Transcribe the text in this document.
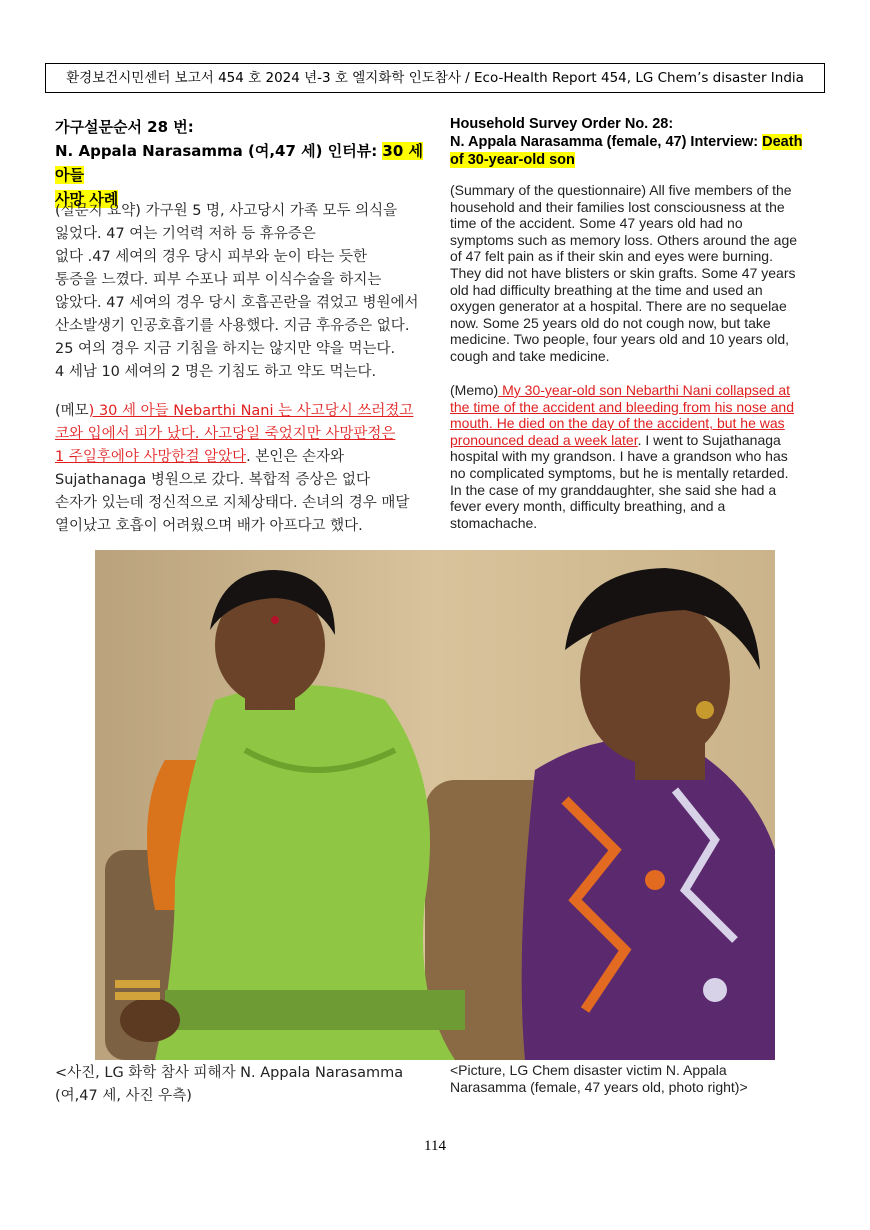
환경보건시민센터 보고서 454 호 2024 년-3 호 엘지화학 인도참사 / Eco-Health Report 454, LG Chem’s disaster India

가구설문순서 28 번:

N. Appala Narasamma (여,47 세) 인터뷰: 30 세 아들

사망 사례

(설문지 요약) 가구원 5 명, 사고당시 가족 모두 의식을

잃었다. 47 여는 기억력 저하 등 휴유증은

없다 .47 세여의 경우 당시 피부와 눈이 타는 듯한

통증을 느꼈다. 피부 수포나 피부 이식수술을 하지는

않았다. 47 세여의 경우 당시 호흡곤란을 겪었고 병원에서

산소발생기 인공호흡기를 사용했다. 지금 후유증은 없다.

25 여의 경우 지금 기침을 하지는 않지만 약을 먹는다.

4 세남 10 세여의 2 명은 기침도 하고 약도 먹는다.

(메모) 30 세 아들 Nebarthi Nani 는 사고당시 쓰러졌고

코와 입에서 피가 났다. 사고당일 죽었지만 사망판정은

1 주일후에야 사망한걸 알았다. 본인은 손자와

Sujathanaga 병원으로 갔다. 복합적 증상은 없다

손자가 있는데 정신적으로 지체상태다. 손녀의 경우 매달

열이났고 호흡이 어려웠으며 배가 아프다고 했다.

Household Survey Order No. 28:

N. Appala Narasamma (female, 47) Interview: Death

of 30-year-old son

(Summary of the questionnaire) All five members of the

household and their families lost consciousness at the

time of the accident. Some 47 years old had no

symptoms such as memory loss. Others around the age

of 47 felt pain as if their skin and eyes were burning.

They did not have blisters or skin grafts. Some 47 years

old had difficulty breathing at the time and used an

oxygen generator at a hospital. There are no sequelae

now. Some 25 years old do not cough now, but take

medicine. Two people, four years old and 10 years old,

cough and take medicine.

(Memo) My 30-year-old son Nebarthi Nani collapsed at

the time of the accident and bleeding from his nose and

mouth. He died on the day of the accident, but he was

pronounced dead a week later. I went to Sujathanaga

hospital with my grandson. I have a grandson who has

no complicated symptoms, but he is mentally retarded.

In the case of my granddaughter, she said she had a

fever every month, difficulty breathing, and a

stomachache.

<사진, LG 화학 참사 피해자 N. Appala Narasamma

(여,47 세, 사진 우측)

<Picture, LG Chem disaster victim N. Appala

Narasamma (female, 47 years old, photo right)>

114
